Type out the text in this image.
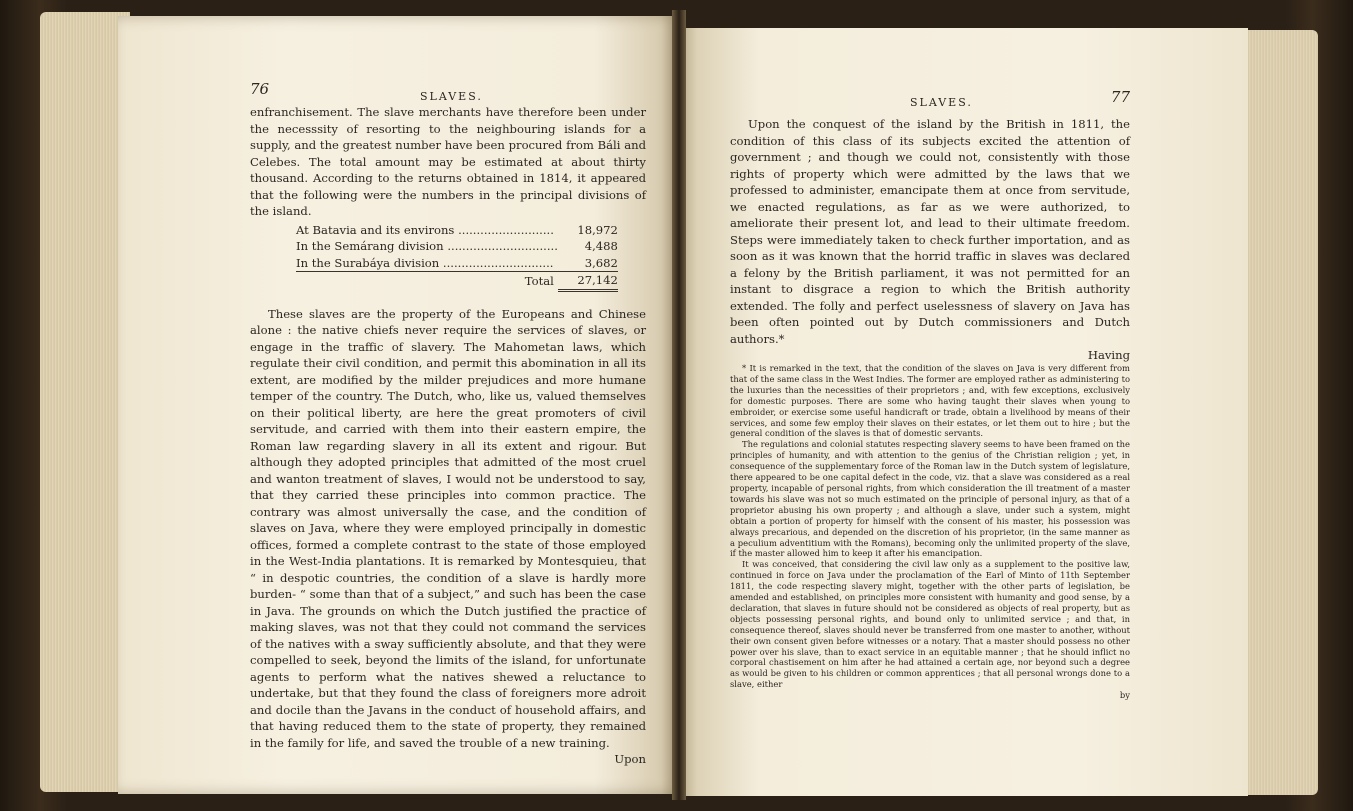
76	SLAVES.

enfranchisement. The slave merchants have therefore been under the necesssity of resorting to the neighbouring islands for a supply, and the greatest number have been procured from Báli and Celebes. The total amount may be estimated at about thirty thousand. According to the returns obtained in 1814, it appeared that the following were the numbers in the principal divisions of the island.

At Batavia and its environs ..........................	18,972
In the Semárang division ..............................	4,488
In the Surabáya division ..............................	3,682
Total	27,142

These slaves are the property of the Europeans and Chinese alone : the native chiefs never require the services of slaves, or engage in the traffic of slavery. The Mahometan laws, which regulate their civil condition, and permit this abomination in all its extent, are modified by the milder prejudices and more humane temper of the country. The Dutch, who, like us, valued themselves on their political liberty, are here the great promoters of civil servitude, and carried with them into their eastern empire, the Roman law regarding slavery in all its extent and rigour. But although they adopted principles that admitted of the most cruel and wanton treatment of slaves, I would not be understood to say, that they carried these principles into common practice. The contrary was almost universally the case, and the condition of slaves on Java, where they were employed principally in domestic offices, formed a complete contrast to the state of those employed in the West-India plantations. It is remarked by Montesquieu, that “ in despotic countries, the condition of a slave is hardly more burden- “ some than that of a subject,” and such has been the case in Java. The grounds on which the Dutch justified the practice of making slaves, was not that they could not command the services of the natives with a sway sufficiently absolute, and that they were compelled to seek, beyond the limits of the island, for unfortunate agents to perform what the natives shewed a reluctance to undertake, but that they found the class of foreigners more adroit and docile than the Javans in the conduct of household affairs, and that having reduced them to the state of property, they remained in the family for life, and saved the trouble of a new training.

Upon
SLAVES.	77

Upon the conquest of the island by the British in 1811, the condition of this class of its subjects excited the attention of government ; and though we could not, consistently with those rights of property which were admitted by the laws that we professed to administer, emancipate them at once from servitude, we enacted regulations, as far as we were authorized, to ameliorate their present lot, and lead to their ultimate freedom. Steps were immediately taken to check further importation, and as soon as it was known that the horrid traffic in slaves was declared a felony by the British parliament, it was not permitted for an instant to disgrace a region to which the British authority extended. The folly and perfect uselessness of slavery on Java has been often pointed out by Dutch commissioners and Dutch authors.*

Having

* It is remarked in the text, that the condition of the slaves on Java is very different from that of the same class in the West Indies. The former are employed rather as administering to the luxuries than the necessities of their proprietors ; and, with few exceptions, exclusively for domestic purposes. There are some who having taught their slaves when young to embroider, or exercise some useful handicraft or trade, obtain a livelihood by means of their services, and some few employ their slaves on their estates, or let them out to hire ; but the general condition of the slaves is that of domestic servants.

The regulations and colonial statutes respecting slavery seems to have been framed on the principles of humanity, and with attention to the genius of the Christian religion ; yet, in consequence of the supplementary force of the Roman law in the Dutch system of legislature, there appeared to be one capital defect in the code, viz. that a slave was considered as a real property, incapable of personal rights, from which consideration the ill treatment of a master towards his slave was not so much estimated on the principle of personal injury, as that of a proprietor abusing his own property ; and although a slave, under such a system, might obtain a portion of property for himself with the consent of his master, his possession was always precarious, and depended on the discretion of his proprietor, (in the same manner as a peculium adventitium with the Romans), becoming only the unlimited property of the slave, if the master allowed him to keep it after his emancipation.

It was conceived, that considering the civil law only as a supplement to the positive law, continued in force on Java under the proclamation of the Earl of Minto of 11th September 1811, the code respecting slavery might, together with the other parts of legislation, be amended and established, on principles more consistent with humanity and good sense, by a declaration, that slaves in future should not be considered as objects of real property, but as objects possessing personal rights, and bound only to unlimited service ; and that, in consequence thereof, slaves should never be transferred from one master to another, without their own consent given before witnesses or a notary. That a master should possess no other power over his slave, than to exact service in an equitable manner ; that he should inflict no corporal chastisement on him after he had attained a certain age, nor beyond such a degree as would be given to his children or common apprentices ; that all personal wrongs done to a slave, either

by
